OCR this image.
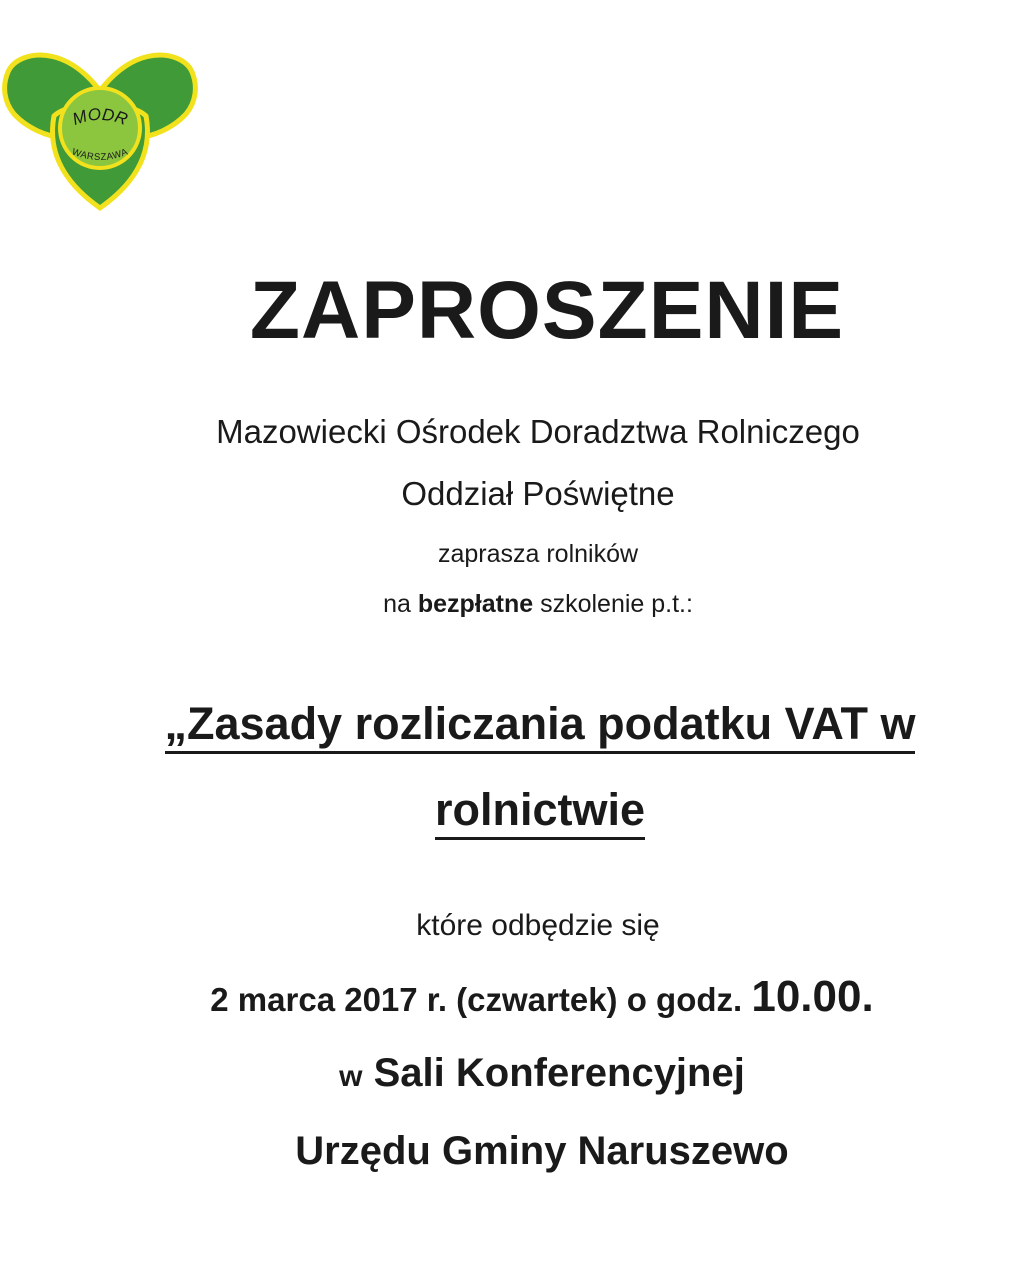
MODR
WARSZAWA
ZAPROSZENIE
Mazowiecki Ośrodek Doradztwa Rolniczego
Oddział Poświętne
zaprasza rolników
na bezpłatne szkolenie p.t.:
„Zasady rozliczania podatku VAT w
rolnictwie
które odbędzie się
2 marca 2017 r. (czwartek) o godz. 10.00.
w Sali Konferencyjnej
Urzędu Gminy Naruszewo
